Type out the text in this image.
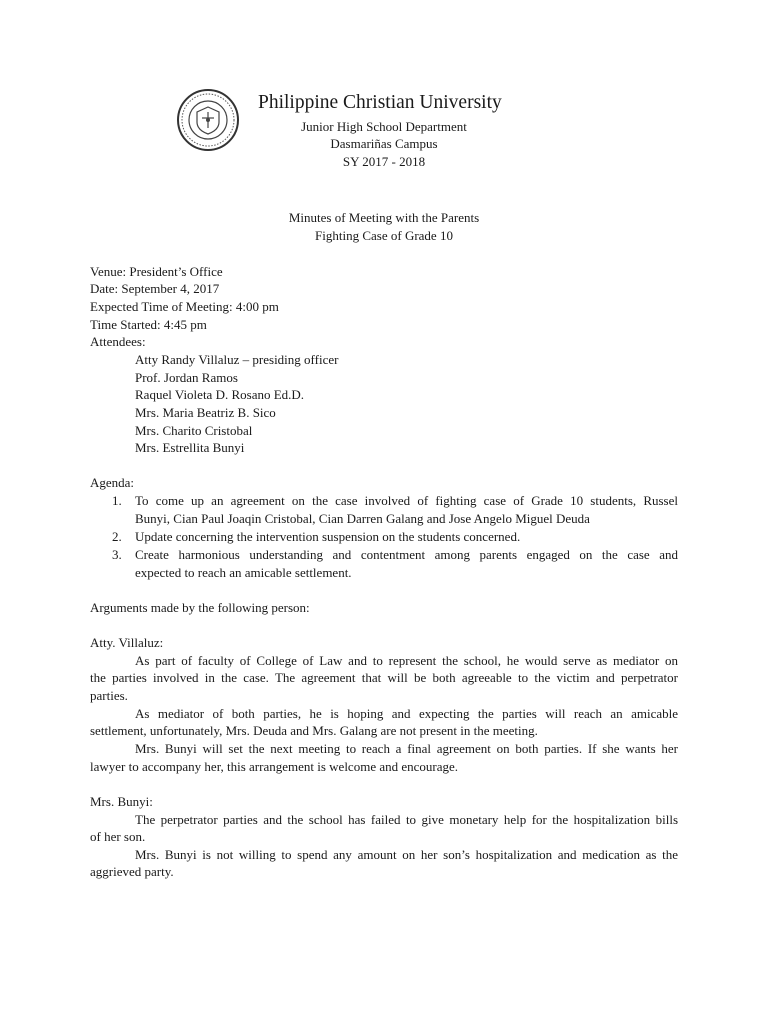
Philippine Christian University
Junior High School Department
Dasmariñas Campus
SY 2017 - 2018
Minutes of Meeting with the Parents
Fighting Case of Grade 10
Venue: President’s Office
Date: September 4, 2017
Expected Time of Meeting: 4:00 pm
Time Started: 4:45 pm
Attendees:
Atty Randy Villaluz – presiding officer
Prof. Jordan Ramos
Raquel Violeta D. Rosano Ed.D.
Mrs. Maria Beatriz B. Sico
Mrs. Charito Cristobal
Mrs. Estrellita Bunyi
Agenda:
1. To come up an agreement on the case involved of fighting case of Grade 10 students, Russel
Bunyi, Cian Paul Joaqin Cristobal, Cian Darren Galang and Jose Angelo Miguel Deuda
2. Update concerning the intervention suspension on the students concerned.
3. Create harmonious understanding and contentment among parents engaged on the case and
expected to reach an amicable settlement.
Arguments made by the following person:
Atty. Villaluz:
As part of faculty of College of Law and to represent the school, he would serve as mediator on
the parties involved in the case. The agreement that will be both agreeable to the victim and perpetrator
parties.
As mediator of both parties, he is hoping and expecting the parties will reach an amicable
settlement, unfortunately, Mrs. Deuda and Mrs. Galang are not present in the meeting.
Mrs. Bunyi will set the next meeting to reach a final agreement on both parties. If she wants her
lawyer to accompany her, this arrangement is welcome and encourage.
Mrs. Bunyi:
The perpetrator parties and the school has failed to give monetary help for the hospitalization bills
of her son.
Mrs. Bunyi is not willing to spend any amount on her son’s hospitalization and medication as the
aggrieved party.
